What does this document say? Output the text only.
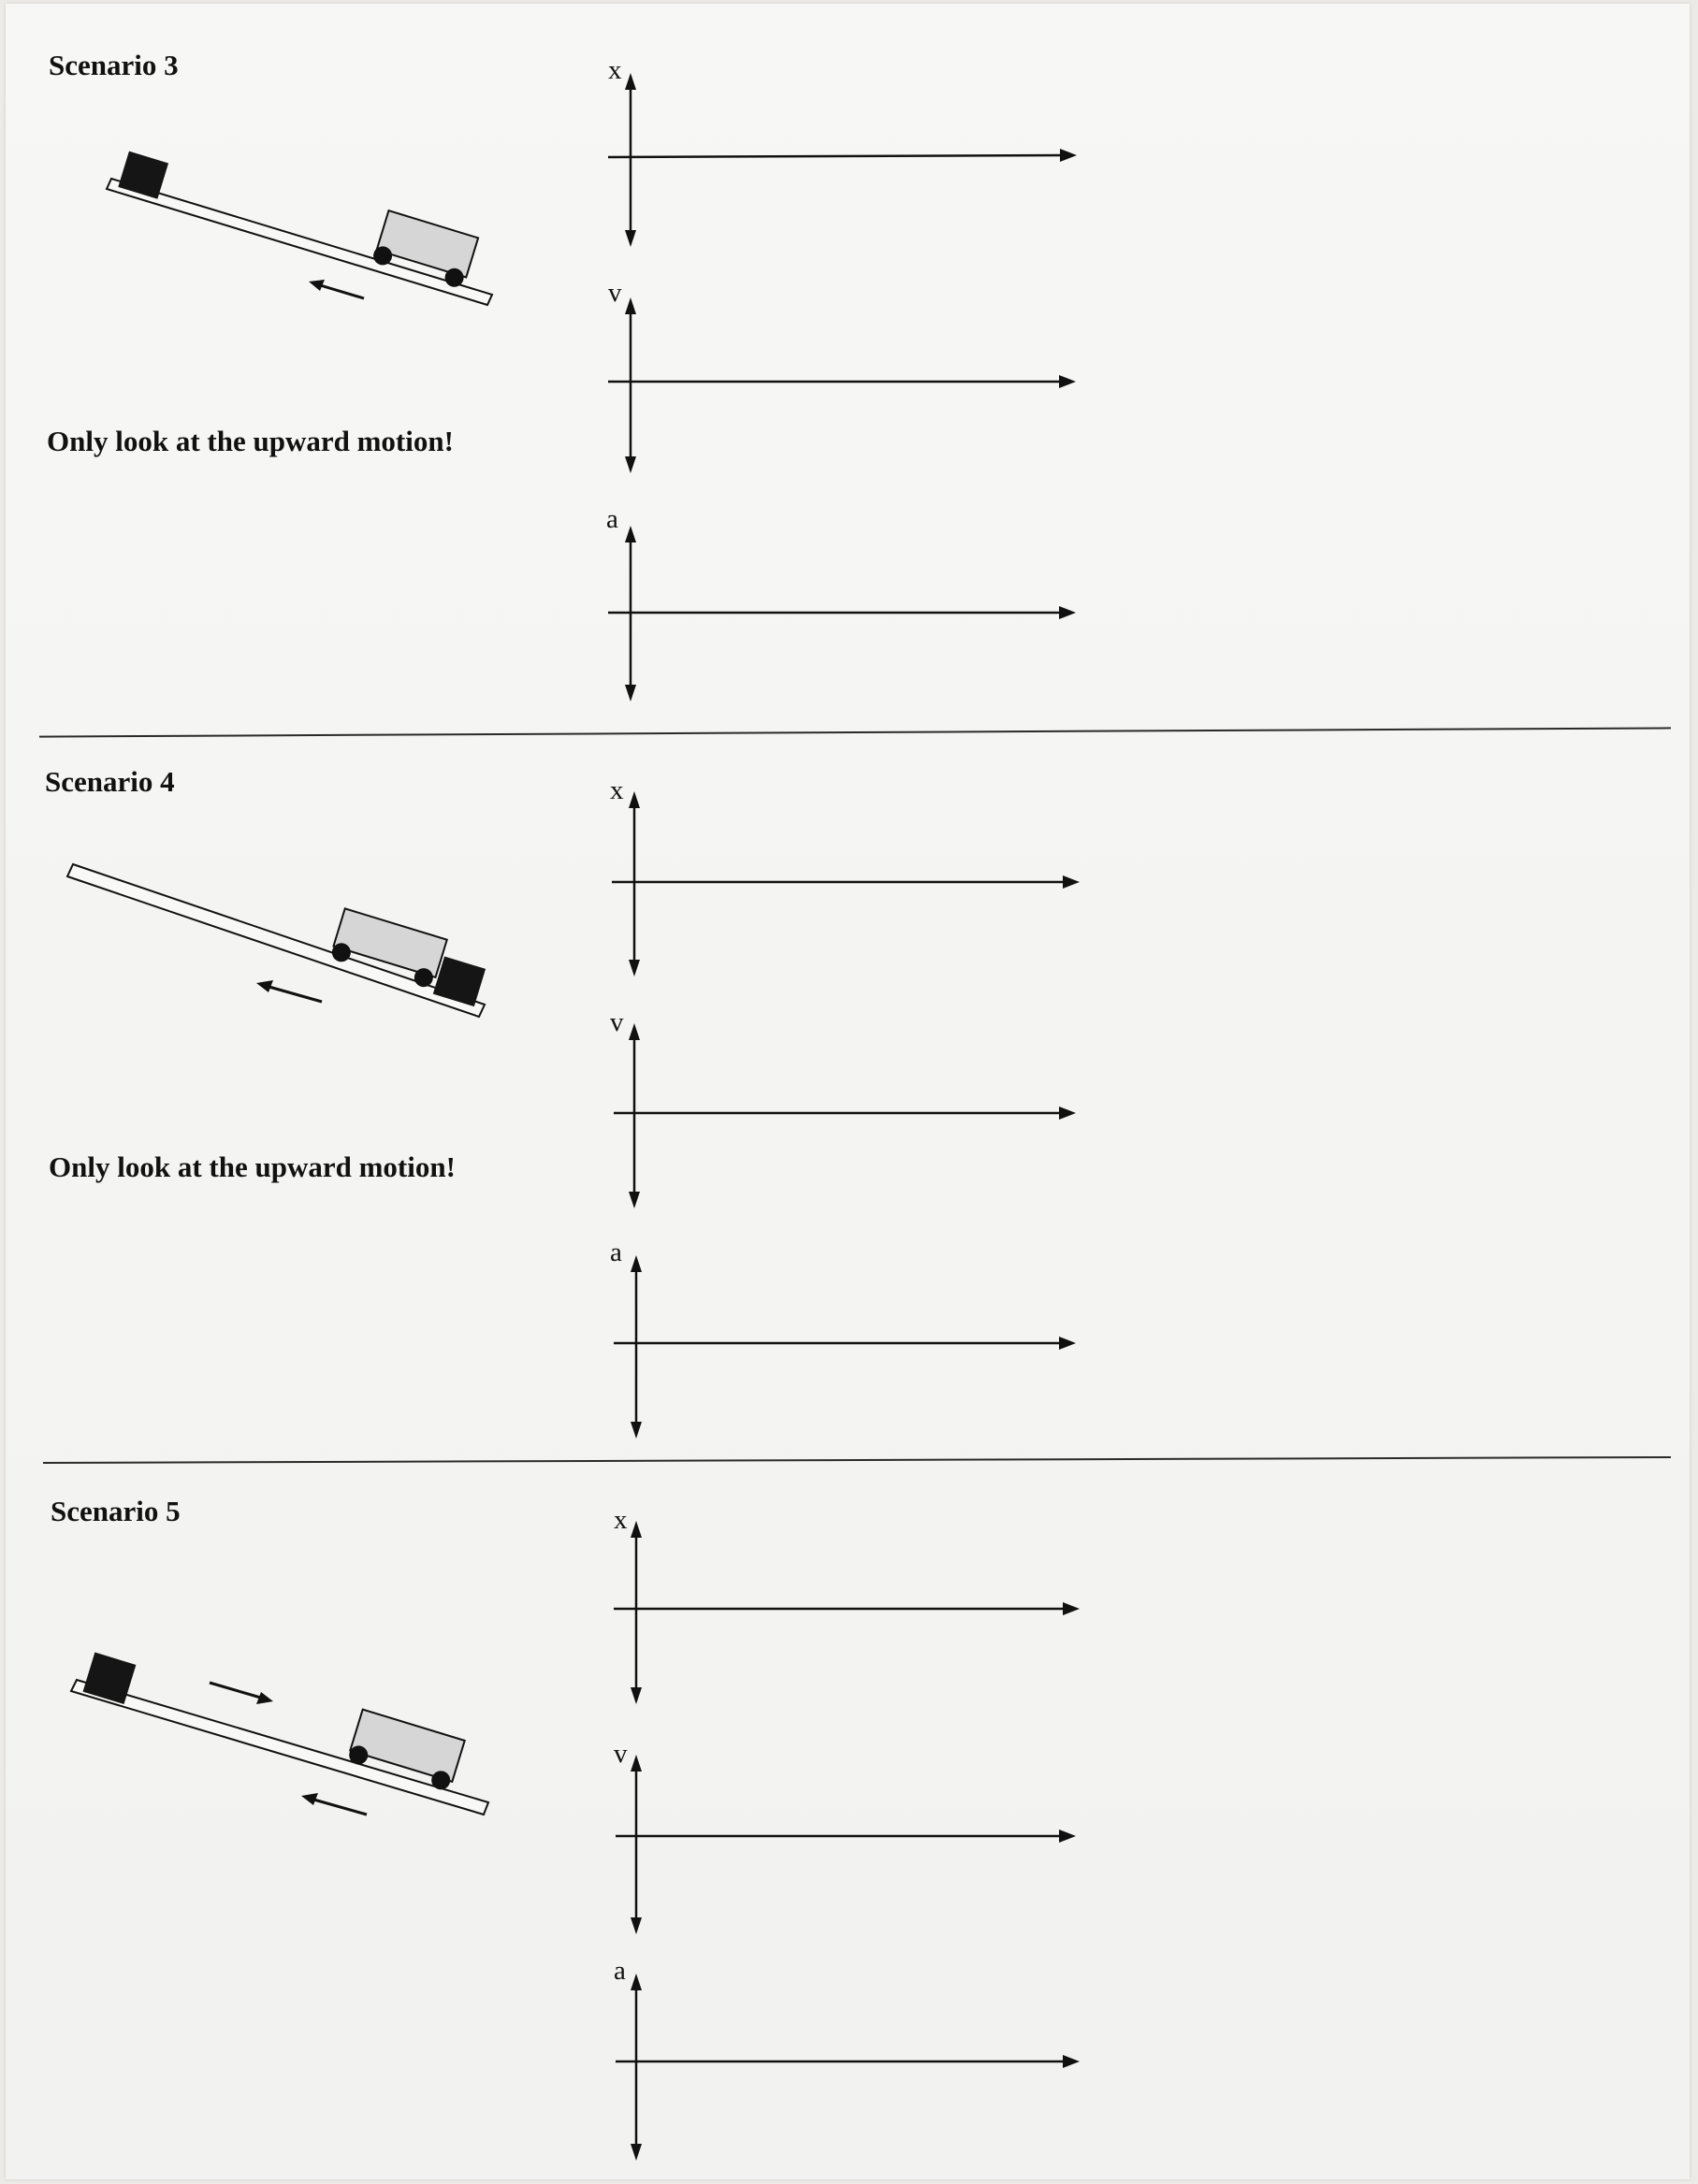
Scenario 3
Only look at the upward motion!
x
v
a
Scenario 4
Only look at the upward motion!
x
v
a
Scenario 5	x
v
a
